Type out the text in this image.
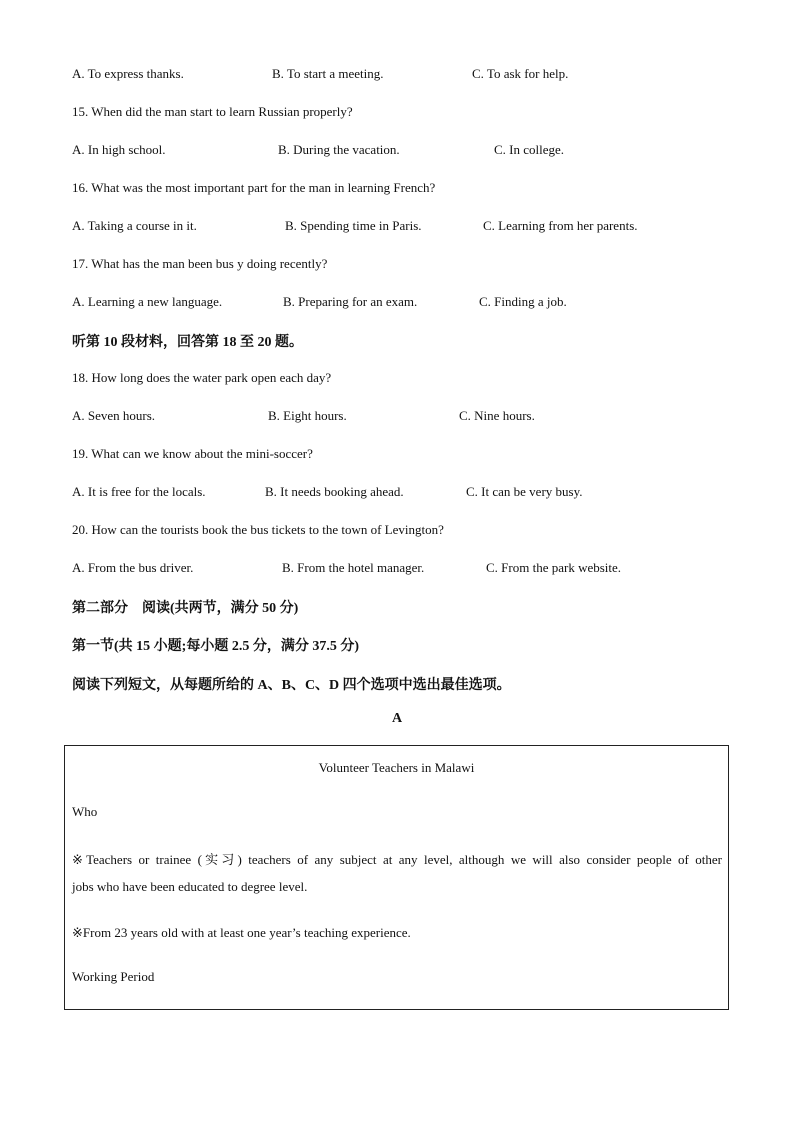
A. To express thanks.	B. To start a meeting.	C. To ask for help.
15. When did the man start to learn Russian properly?
A. In high school.	B. During the vacation.	C. In college.
16. What was the most important part for the man in learning French?
A. Taking a course in it.	B. Spending time in Paris.	C. Learning from her parents.
17. What has the man been bus y doing recently?
A. Learning a new language.	B. Preparing for an exam.	C. Finding a job.
听第 10 段材料，回答第 18 至 20 题。
18. How long does the water park open each day?
A. Seven hours.	B. Eight hours.	C. Nine hours.
19. What can we know about the mini-soccer?
A. It is free for the locals.	B. It needs booking ahead.	C. It can be very busy.
20. How can the tourists book the bus tickets to the town of Levington?
A. From the bus driver.	B. From the hotel manager.	C. From the park website.
第二部分　阅读(共两节，满分 50 分)
第一节(共 15 小题;每小题 2.5 分，满分 37.5 分)
阅读下列短文，从每题所给的 A、B、C、D 四个选项中选出最佳选项。
A
Volunteer Teachers in Malawi
Who
※Teachers or trainee (实习) teachers of any subject at any level, although we will also consider people of other
jobs who have been educated to degree level.
※From 23 years old with at least one year’s teaching experience.
Working Period
